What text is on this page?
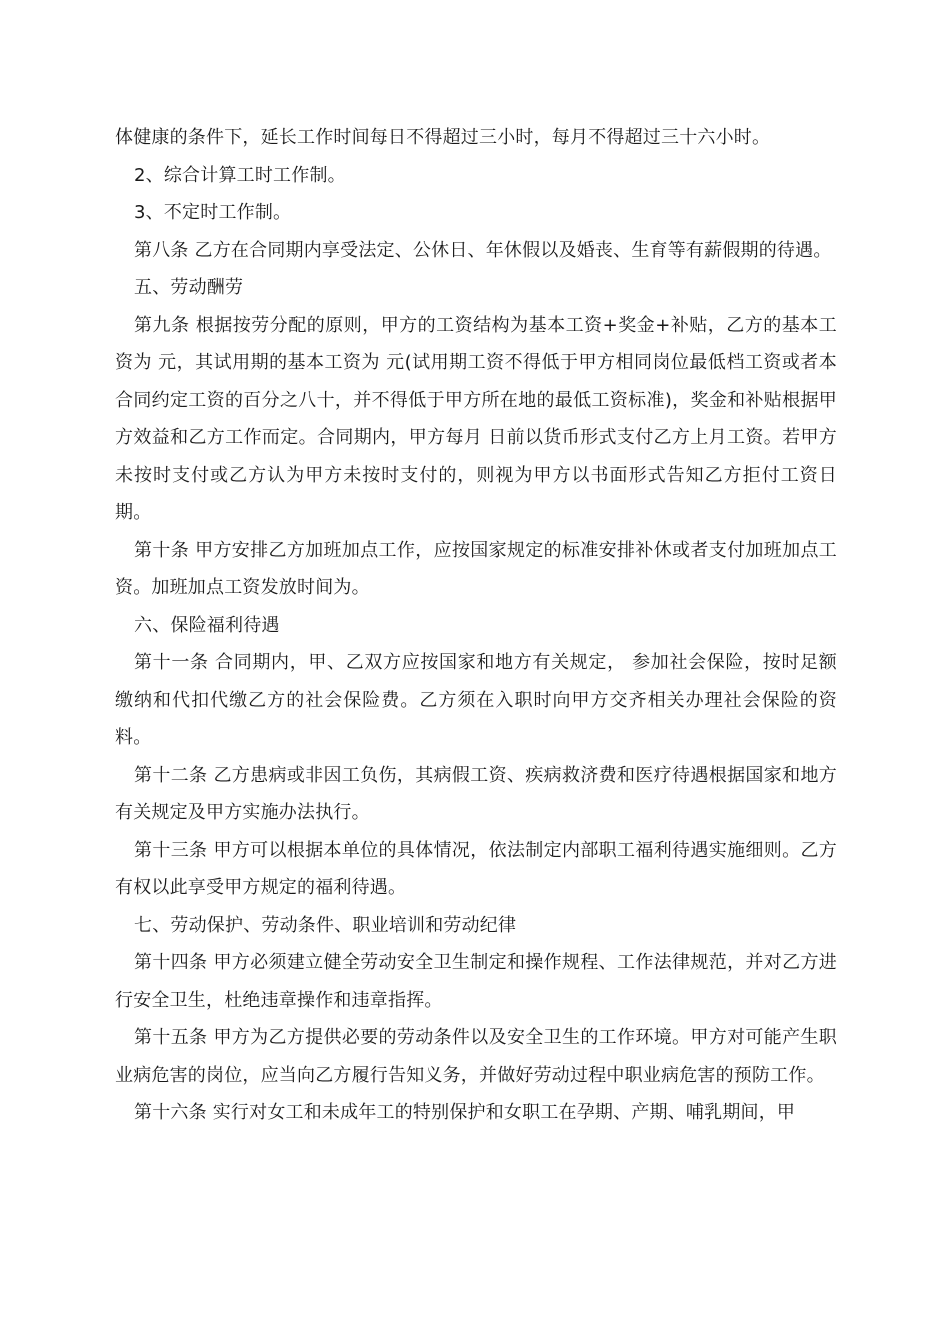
体健康的条件下，延长工作时间每日不得超过三小时，每月不得超过三十六小时。

2、综合计算工时工作制。

3、不定时工作制。

第八条 乙方在合同期内享受法定、公休日、年休假以及婚丧、生育等有薪假期的待遇。

五、劳动酬劳

第九条 根据按劳分配的原则，甲方的工资结构为基本工资+奖金+补贴，乙方的基本工资为 元，其试用期的基本工资为 元(试用期工资不得低于甲方相同岗位最低档工资或者本合同约定工资的百分之八十，并不得低于甲方所在地的最低工资标准)，奖金和补贴根据甲方效益和乙方工作而定。合同期内，甲方每月 日前以货币形式支付乙方上月工资。若甲方未按时支付或乙方认为甲方未按时支付的，则视为甲方以书面形式告知乙方拒付工资日期。

第十条 甲方安排乙方加班加点工作，应按国家规定的标准安排补休或者支付加班加点工资。加班加点工资发放时间为。

六、保险福利待遇

第十一条 合同期内，甲、乙双方应按国家和地方有关规定， 参加社会保险，按时足额缴纳和代扣代缴乙方的社会保险费。乙方须在入职时向甲方交齐相关办理社会保险的资料。

第十二条 乙方患病或非因工负伤，其病假工资、疾病救济费和医疗待遇根据国家和地方有关规定及甲方实施办法执行。

第十三条 甲方可以根据本单位的具体情况，依法制定内部职工福利待遇实施细则。乙方有权以此享受甲方规定的福利待遇。

七、劳动保护、劳动条件、职业培训和劳动纪律

第十四条 甲方必须建立健全劳动安全卫生制定和操作规程、工作法律规范，并对乙方进行安全卫生，杜绝违章操作和违章指挥。

第十五条 甲方为乙方提供必要的劳动条件以及安全卫生的工作环境。甲方对可能产生职业病危害的岗位，应当向乙方履行告知义务，并做好劳动过程中职业病危害的预防工作。

第十六条 实行对女工和未成年工的特别保护和女职工在孕期、产期、哺乳期间，甲
